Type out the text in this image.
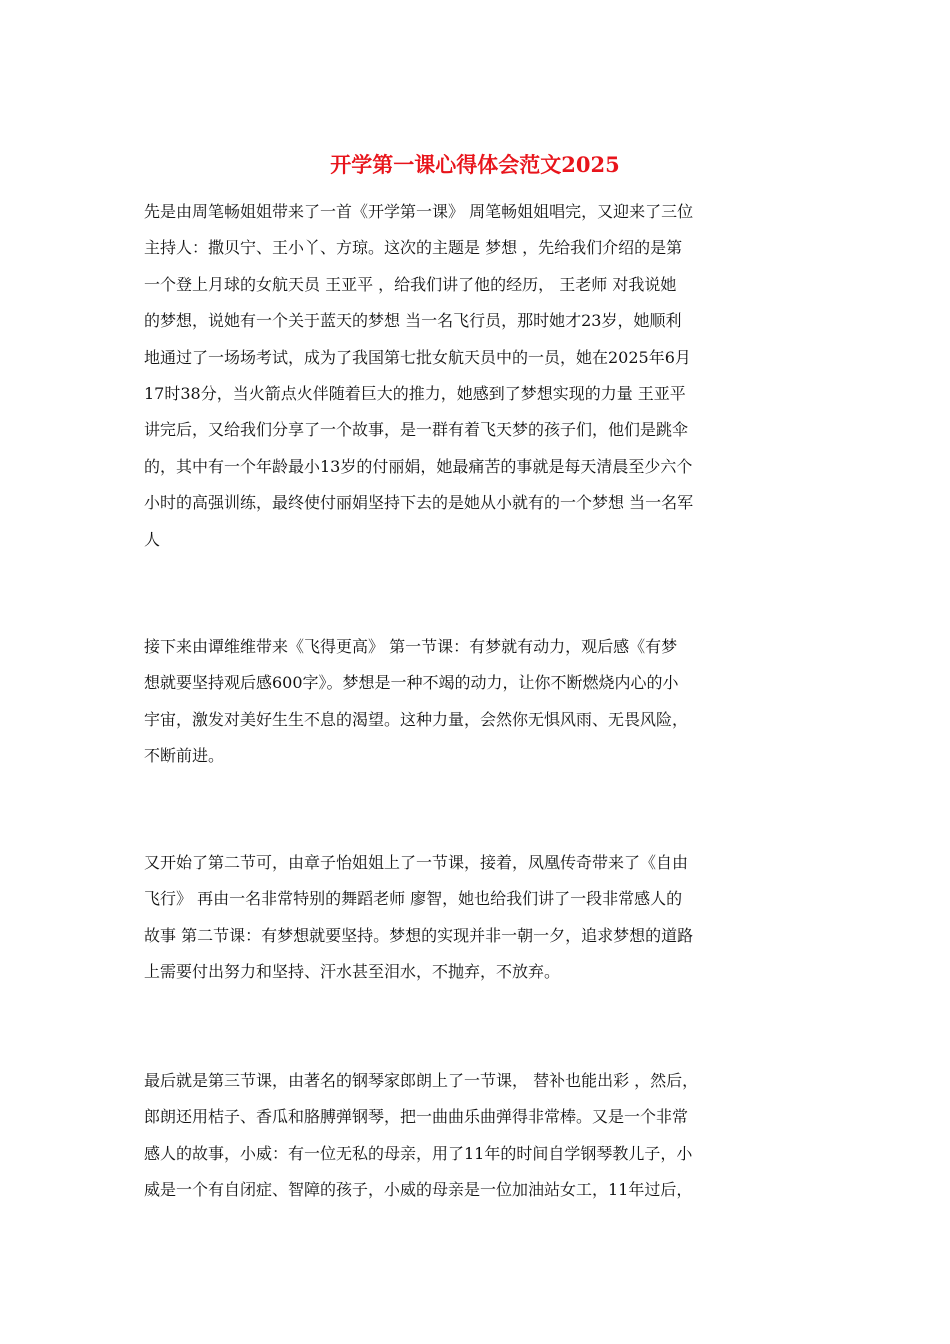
开学第一课心得体会范文2025

先是由周笔畅姐姐带来了一首《开学第一课》 周笔畅姐姐唱完，又迎来了三位
主持人：撒贝宁、王小丫、方琼。这次的主题是 梦想 ，先给我们介绍的是第
一个登上月球的女航天员 王亚平 ，给我们讲了他的经历， 王老师 对我说她
的梦想，说她有一个关于蓝天的梦想 当一名飞行员，那时她才23岁，她顺利
地通过了一场场考试，成为了我国第七批女航天员中的一员，她在2025年6月
17时38分，当火箭点火伴随着巨大的推力，她感到了梦想实现的力量 王亚平
讲完后，又给我们分享了一个故事，是一群有着飞天梦的孩子们，他们是跳伞
的，其中有一个年龄最小13岁的付丽娟，她最痛苦的事就是每天清晨至少六个
小时的高强训练，最终使付丽娟坚持下去的是她从小就有的一个梦想 当一名军
人

接下来由谭维维带来《飞得更高》 第一节课：有梦就有动力，观后感《有梦
想就要坚持观后感600字》。梦想是一种不竭的动力，让你不断燃烧内心的小
宇宙，激发对美好生生不息的渴望。这种力量，会然你无惧风雨、无畏风险，
不断前进。

又开始了第二节可，由章子怡姐姐上了一节课，接着，凤凰传奇带来了《自由
飞行》 再由一名非常特别的舞蹈老师 廖智，她也给我们讲了一段非常感人的
故事 第二节课：有梦想就要坚持。梦想的实现并非一朝一夕，追求梦想的道路
上需要付出努力和坚持、汗水甚至泪水，不抛弃，不放弃。

最后就是第三节课，由著名的钢琴家郎朗上了一节课， 替补也能出彩 ，然后，
郎朗还用桔子、香瓜和胳膊弹钢琴，把一曲曲乐曲弹得非常棒。又是一个非常
感人的故事，小威：有一位无私的母亲，用了11年的时间自学钢琴教儿子，小
威是一个有自闭症、智障的孩子，小威的母亲是一位加油站女工，11年过后，
